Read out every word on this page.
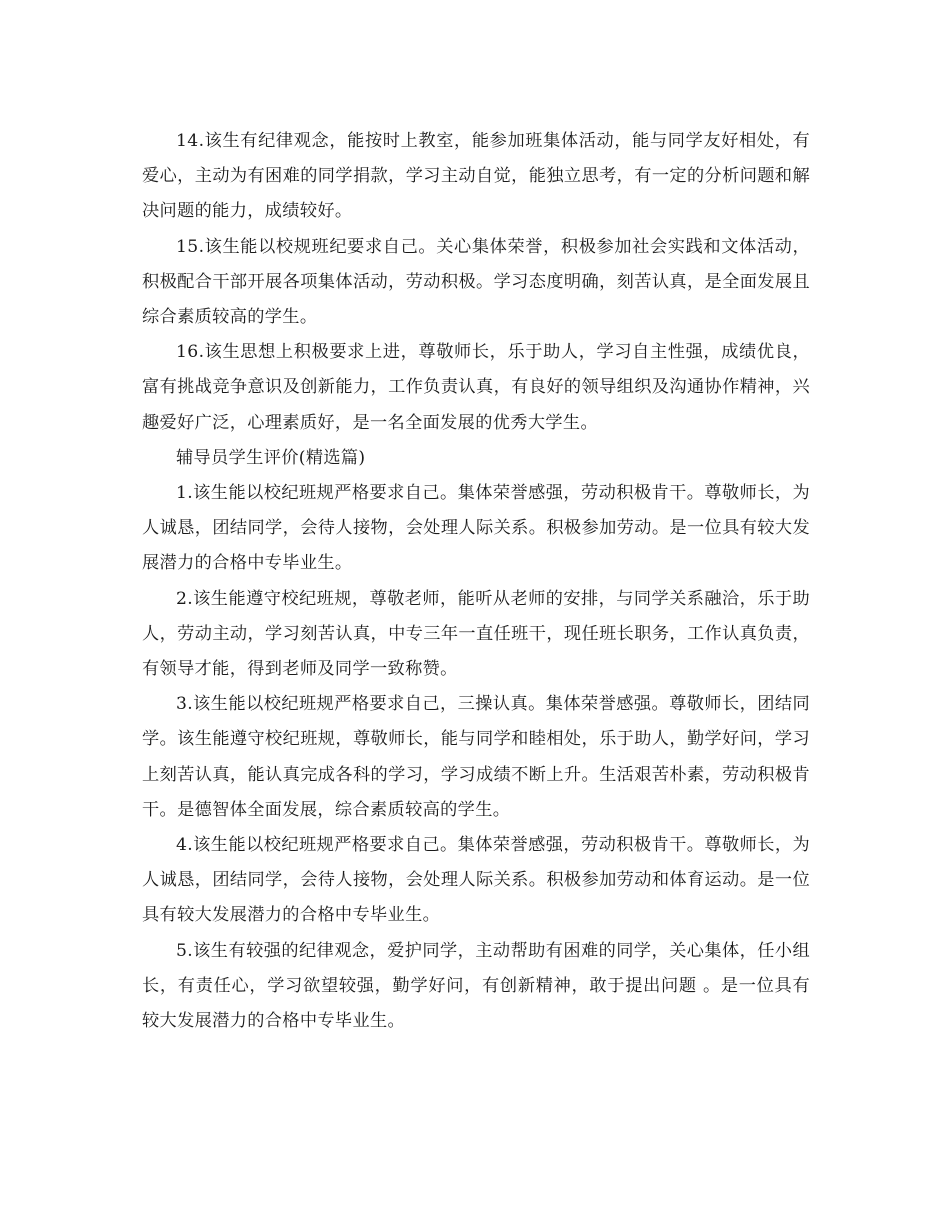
14.该生有纪律观念，能按时上教室，能参加班集体活动，能与同学友好相处，有爱心，主动为有困难的同学捐款，学习主动自觉，能独立思考，有一定的分析问题和解决问题的能力，成绩较好。

15.该生能以校规班纪要求自己。关心集体荣誉，积极参加社会实践和文体活动，积极配合干部开展各项集体活动，劳动积极。学习态度明确，刻苦认真，是全面发展且综合素质较高的学生。

16.该生思想上积极要求上进，尊敬师长，乐于助人，学习自主性强，成绩优良，富有挑战竞争意识及创新能力，工作负责认真，有良好的领导组织及沟通协作精神，兴趣爱好广泛，心理素质好，是一名全面发展的优秀大学生。

辅导员学生评价(精选篇)

1.该生能以校纪班规严格要求自己。集体荣誉感强，劳动积极肯干。尊敬师长，为人诚恳，团结同学，会待人接物，会处理人际关系。积极参加劳动。是一位具有较大发展潜力的合格中专毕业生。

2.该生能遵守校纪班规，尊敬老师，能听从老师的安排，与同学关系融洽，乐于助人，劳动主动，学习刻苦认真，中专三年一直任班干，现任班长职务，工作认真负责，有领导才能，得到老师及同学一致称赞。

3.该生能以校纪班规严格要求自己，三操认真。集体荣誉感强。尊敬师长，团结同学。该生能遵守校纪班规，尊敬师长，能与同学和睦相处，乐于助人，勤学好问，学习上刻苦认真，能认真完成各科的学习，学习成绩不断上升。生活艰苦朴素，劳动积极肯干。是德智体全面发展，综合素质较高的学生。

4.该生能以校纪班规严格要求自己。集体荣誉感强，劳动积极肯干。尊敬师长，为人诚恳，团结同学，会待人接物，会处理人际关系。积极参加劳动和体育运动。是一位具有较大发展潜力的合格中专毕业生。

5.该生有较强的纪律观念，爱护同学，主动帮助有困难的同学，关心集体，任小组长，有责任心，学习欲望较强，勤学好问，有创新精神，敢于提出问题 。是一位具有较大发展潜力的合格中专毕业生。
